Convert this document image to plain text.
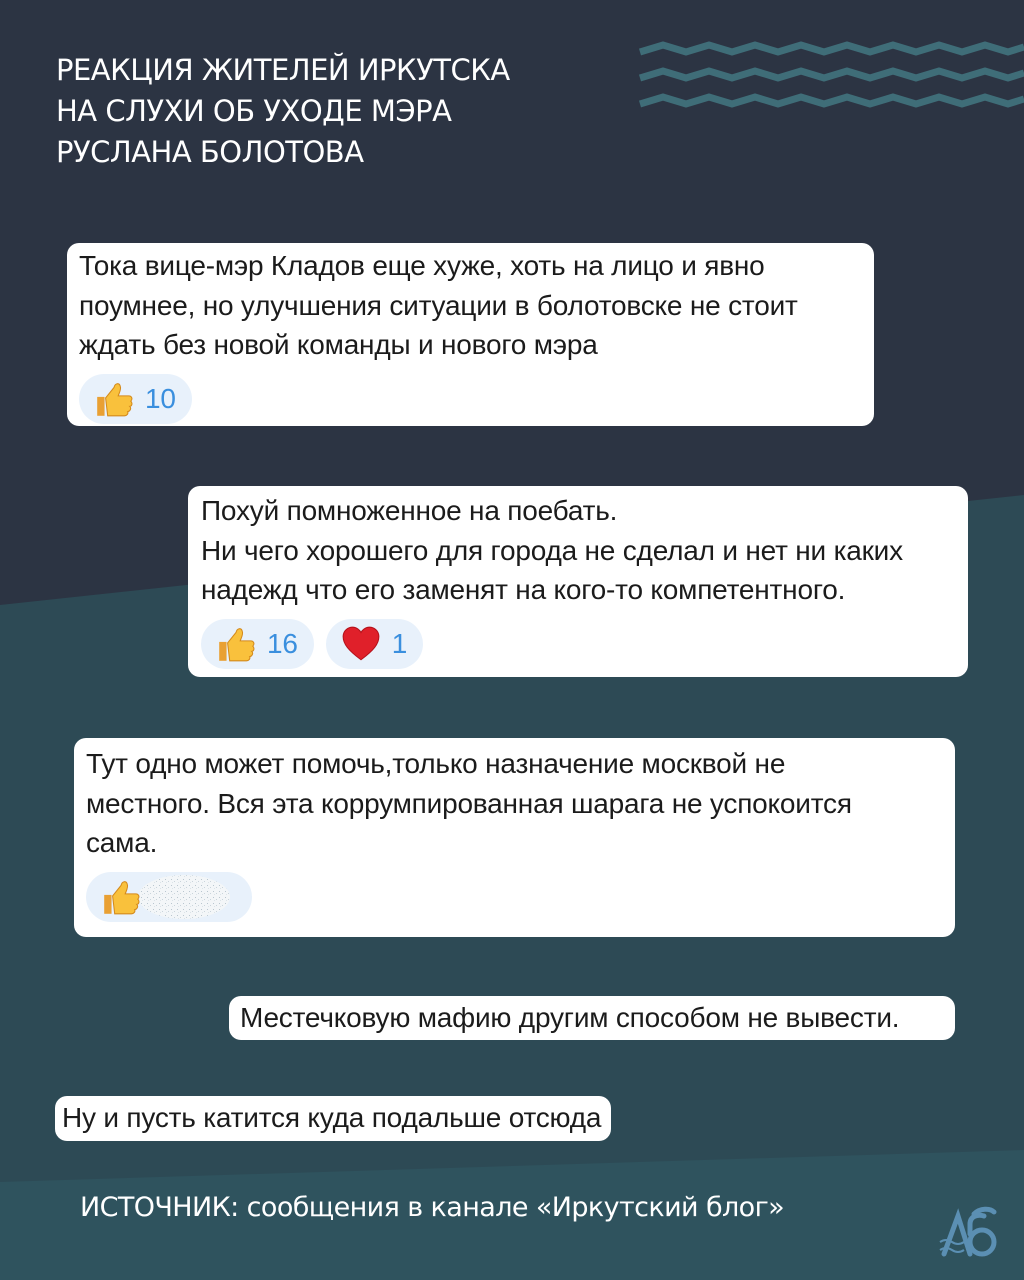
РЕАКЦИЯ ЖИТЕЛЕЙ ИРКУТСКА
НА СЛУХИ ОБ УХОДЕ МЭРА
РУСЛАНА БОЛОТОВА
Тока вице-мэр Кладов еще хуже, хоть на лицо и явно
поумнее, но улучшения ситуации в болотовске не стоит
ждать без новой команды и нового мэра
10
Похуй помноженное на поебать.
Ни чего хорошего для города не сделал и нет ни каких
надежд что его заменят на кого-то компетентного.
16	1
Тут одно может помочь,только назначение москвой не
местного. Вся эта коррумпированная шарага не успокоится
сама.
Местечковую мафию другим способом не вывести.
Ну и пусть катится куда подальше отсюда
ИСТОЧНИК: сообщения в канале «Иркутский блог»
